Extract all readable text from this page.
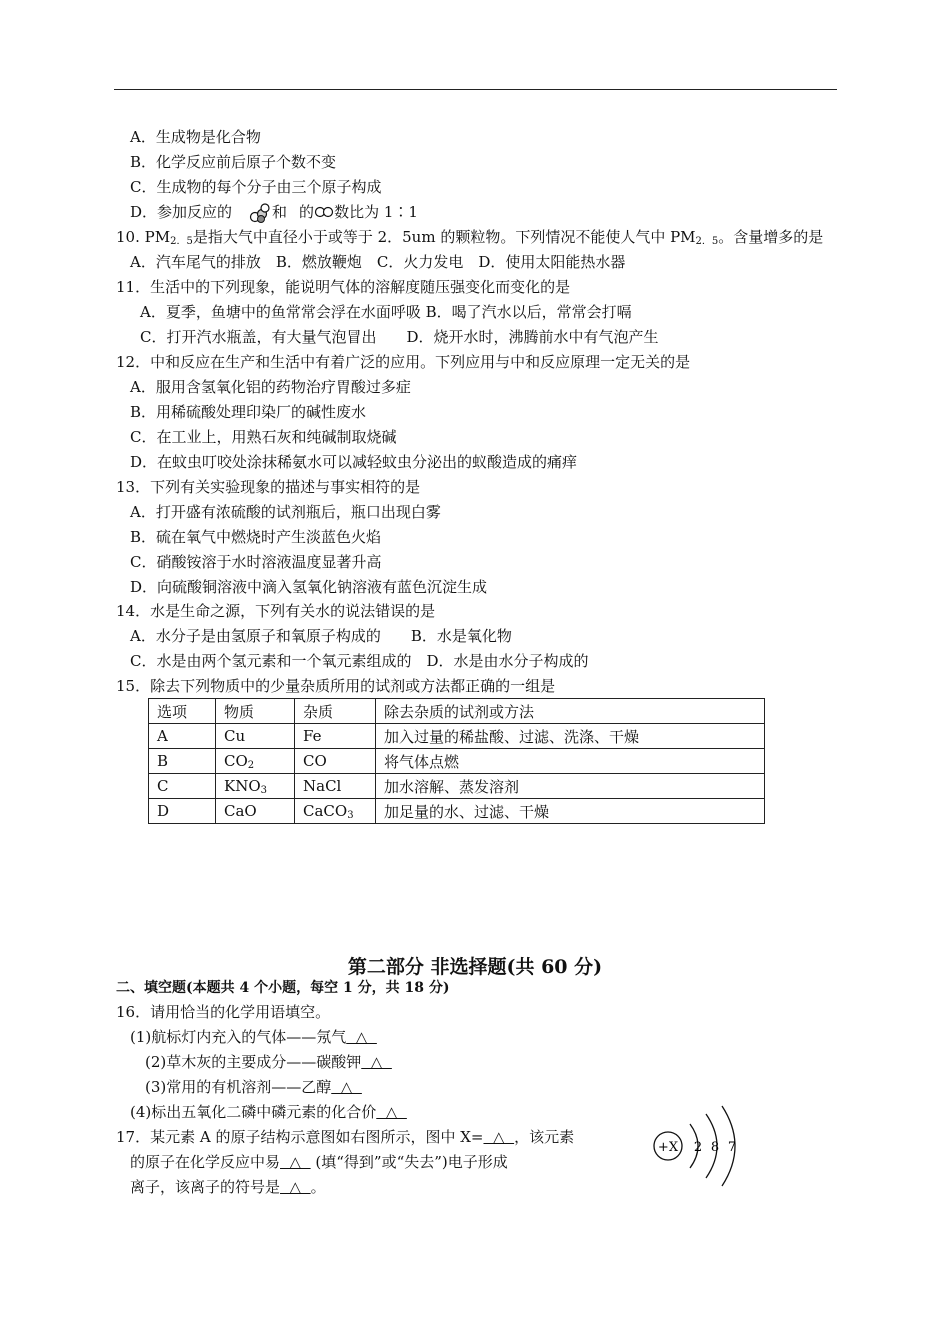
A．生成物是化合物
B．化学反应前后原子个数不变
C．生成物的每个分子由三个原子构成
D．参加反应的	和 的 数比为 1∶1
10. $PM_{2.5}$是指大气中直径小于或等于 2．5um 的颗粒物。下列情况不能使人气中 $PM_{2.5}$。含量增多的是
A．汽车尾气的排放　B．燃放鞭炮　C．火力发电　D．使用太阳能热水器
11．生活中的下列现象，能说明气体的溶解度随压强变化而变化的是
A．夏季，鱼塘中的鱼常常会浮在水面呼吸 B．喝了汽水以后，常常会打嗝
C．打开汽水瓶盖，有大量气泡冒出　　D．烧开水时，沸腾前水中有气泡产生
12．中和反应在生产和生活中有着广泛的应用。下列应用与中和反应原理一定无关的是
A．服用含氢氧化铝的药物治疗胃酸过多症
B．用稀硫酸处理印染厂的碱性废水
C．在工业上，用熟石灰和纯碱制取烧碱
D．在蚊虫叮咬处涂抹稀氨水可以减轻蚊虫分泌出的蚁酸造成的痛痒
13．下列有关实验现象的描述与事实相符的是
A．打开盛有浓硫酸的试剂瓶后，瓶口出现白雾
B．硫在氧气中燃烧时产生淡蓝色火焰
C．硝酸铵溶于水时溶液温度显著升高
D．向硫酸铜溶液中滴入氢氧化钠溶液有蓝色沉淀生成
14．水是生命之源，下列有关水的说法错误的是
A．水分子是由氢原子和氧原子构成的　　B．水是氧化物
C．水是由两个氢元素和一个氧元素组成的　D．水是由水分子构成的
15．除去下列物质中的少量杂质所用的试剂或方法都正确的一组是
选项	物质	杂质	除去杂质的试剂或方法
A	Cu	Fe	加入过量的稀盐酸、过滤、洗涤、干燥
B	$CO_2$	CO	将气体点燃
C	$KNO_3$	NaCl	加水溶解、蒸发溶剂
D	CaO	CaCO$_3$	加足量的水、过滤、干燥
第二部分 非选择题(共 60 分)
二、填空题(本题共 4 个小题，每空 1 分，共 18 分)
16．请用恰当的化学用语填空。
(1)航标灯内充入的气体——氖气  △
(2)草木灰的主要成分——碳酸钾  △
(3)常用的有机溶剂——乙醇  △
(4)标出五氧化二磷中磷元素的化合价  △
17．某元素 A 的原子结构示意图如右图所示，图中 X=  △  ，该元素
的原子在化学反应中易  △   (填“得到”或“失去”)电子形成
离子，该离子的符号是  △  。
+X 2 8 7
